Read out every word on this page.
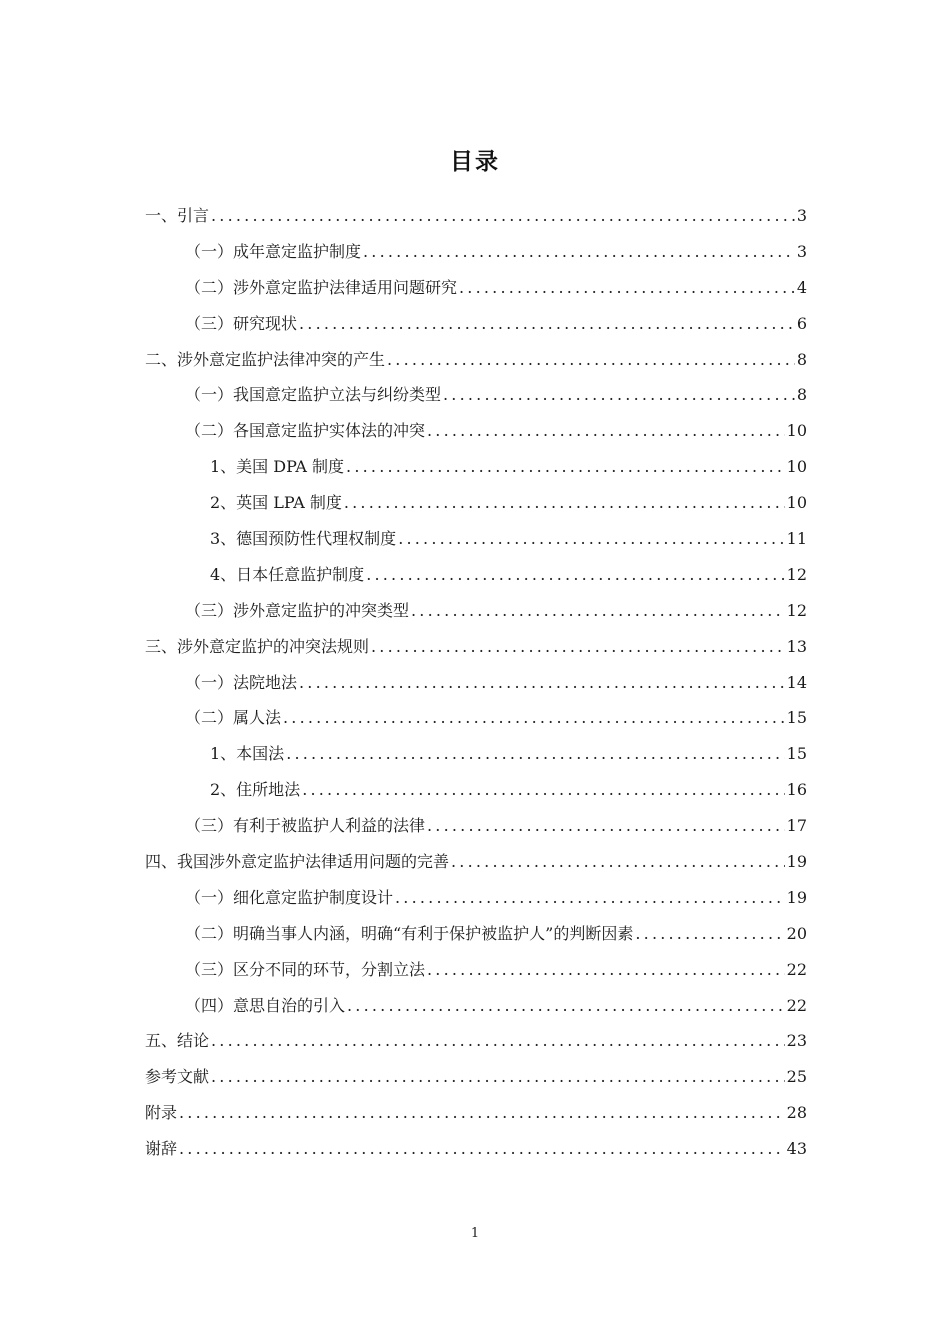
目录
一、引言 .....	3
（一）成年意定监护制度 .....	3
（二）涉外意定监护法律适用问题研究 .....	4
（三）研究现状 .....	6
二、涉外意定监护法律冲突的产生 .....	8
（一）我国意定监护立法与纠纷类型 .....	8
（二）各国意定监护实体法的冲突 .....	10
1、美国 DPA 制度 .....	10
2、英国 LPA 制度 .....	10
3、德国预防性代理权制度 .....	11
4、日本任意监护制度 .....	12
（三）涉外意定监护的冲突类型 .....	12
三、涉外意定监护的冲突法规则 .....	13
（一）法院地法 .....	14
（二）属人法 .....	15
1、本国法 .....	15
2、住所地法 .....	16
（三）有利于被监护人利益的法律 .....	17
四、我国涉外意定监护法律适用问题的完善 .....	19
（一）细化意定监护制度设计 .....	19
（二）明确当事人内涵，明确“有利于保护被监护人”的判断因素 .....	20
（三）区分不同的环节，分割立法 .....	22
（四）意思自治的引入 .....	22
五、结论 .....	23
参考文献 .....	25
附录 .....	28
谢辞 .....	43
1
